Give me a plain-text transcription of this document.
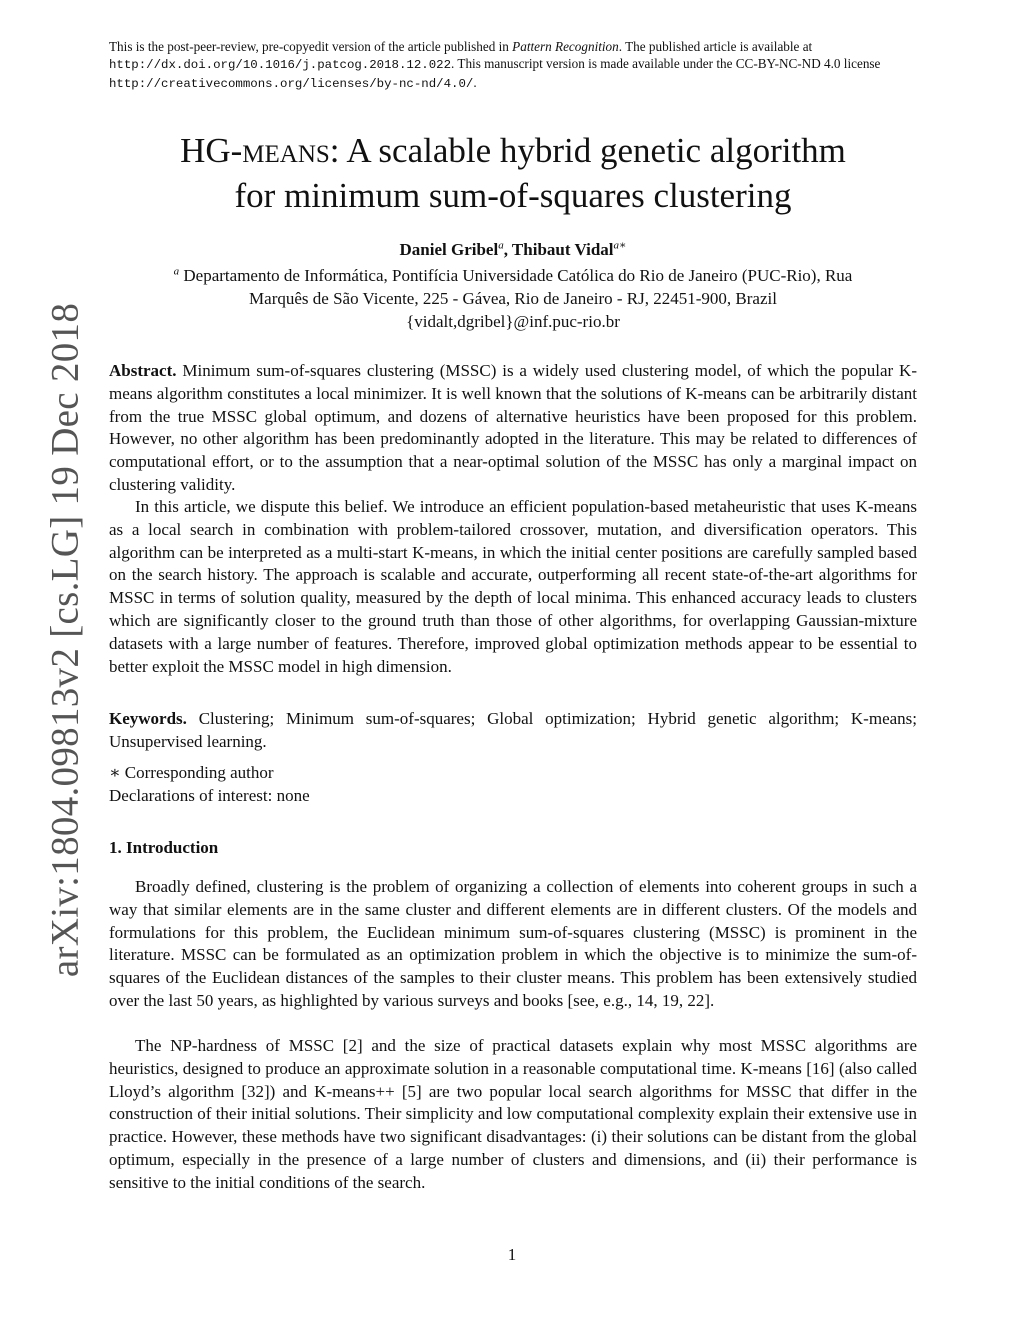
arXiv:1804.09813v2 [cs.LG] 19 Dec 2018
This is the post-peer-review, pre-copyedit version of the article published in Pattern Recognition. The published article is available at http://dx.doi.org/10.1016/j.patcog.2018.12.022. This manuscript version is made available under the CC-BY-NC-ND 4.0 license http://creativecommons.org/licenses/by-nc-nd/4.0/.
HG-means: A scalable hybrid genetic algorithm
for minimum sum-of-squares clustering
Daniel Gribel$^a$, Thibaut Vidal$^{a∗}$
$^a$ Departamento de Informática, Pontifícia Universidade Católica do Rio de Janeiro (PUC-Rio), Rua
Marquês de São Vicente, 225 - Gávea, Rio de Janeiro - RJ, 22451-900, Brazil
{vidalt,dgribel}@inf.puc-rio.br

Abstract. Minimum sum-of-squares clustering (MSSC) is a widely used clustering model, of which the popular K-means algorithm constitutes a local minimizer. It is well known that the solutions of K-means can be arbitrarily distant from the true MSSC global optimum, and dozens of alternative heuristics have been proposed for this problem. However, no other algorithm has been predominantly adopted in the literature. This may be related to differences of computational effort, or to the assumption that a near-optimal solution of the MSSC has only a marginal impact on clustering validity.

In this article, we dispute this belief. We introduce an efficient population-based metaheuristic that uses K-means as a local search in combination with problem-tailored crossover, mutation, and diversification operators. This algorithm can be interpreted as a multi-start K-means, in which the initial center positions are carefully sampled based on the search history. The approach is scalable and accurate, outperforming all recent state-of-the-art algorithms for MSSC in terms of solution quality, measured by the depth of local minima. This enhanced accuracy leads to clusters which are significantly closer to the ground truth than those of other algorithms, for overlapping Gaussian-mixture datasets with a large number of features. Therefore, improved global optimization methods appear to be essential to better exploit the MSSC model in high dimension.

Keywords. Clustering; Minimum sum-of-squares; Global optimization; Hybrid genetic algorithm; K-means; Unsupervised learning.

∗ Corresponding author

Declarations of interest: none

1. Introduction

Broadly defined, clustering is the problem of organizing a collection of elements into coherent groups in such a way that similar elements are in the same cluster and different elements are in different clusters. Of the models and formulations for this problem, the Euclidean minimum sum-of-squares clustering (MSSC) is prominent in the literature. MSSC can be formulated as an optimization problem in which the objective is to minimize the sum-of-squares of the Euclidean distances of the samples to their cluster means. This problem has been extensively studied over the last 50 years, as highlighted by various surveys and books [see, e.g., 14, 19, 22].

The NP-hardness of MSSC [2] and the size of practical datasets explain why most MSSC algorithms are heuristics, designed to produce an approximate solution in a reasonable computational time. K-means [16] (also called Lloyd’s algorithm [32]) and K-means++ [5] are two popular local search algorithms for MSSC that differ in the construction of their initial solutions. Their simplicity and low computational complexity explain their extensive use in practice. However, these methods have two significant disadvantages: (i) their solutions can be distant from the global optimum, especially in the presence of a large number of clusters and dimensions, and (ii) their performance is sensitive to the initial conditions of the search.

1
